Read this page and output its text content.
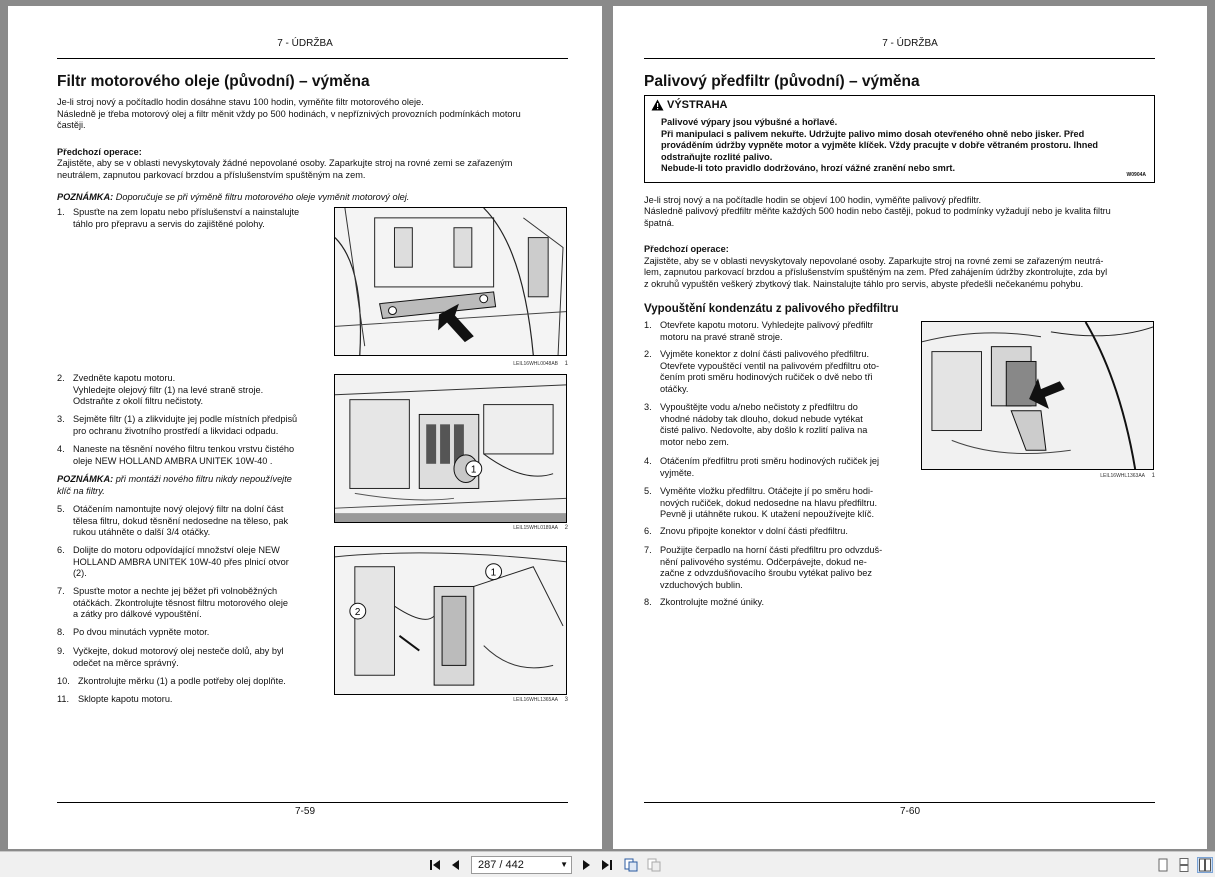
7 - ÚDRŽBA
Filtr motorového oleje (původní) – výměna
Je-li stroj nový a počítadlo hodin dosáhne stavu 100 hodin, vyměňte filtr motorového oleje.
Následně je třeba motorový olej a filtr měnit vždy po 500 hodinách, v nepříznivých provozních podmínkách motoru
častěji.
Předchozí operace:
Zajistěte, aby se v oblasti nevyskytovaly žádné nepovolané osoby. Zaparkujte stroj na rovné zemi se zařazeným
neutrálem, zapnutou parkovací brzdou a příslušenstvím spuštěným na zem.
POZNÁMKA: Doporučuje se při výměně filtru motorového oleje vyměnit motorový olej.
1. Spusťte na zem lopatu nebo příslušenství a nainstalujte
táhlo pro přepravu a servis do zajištěné polohy.
2. Zvedněte kapotu motoru.
Vyhledejte olejový filtr (1) na levé straně stroje.
Odstraňte z okolí filtru nečistoty.
3. Sejměte filtr (1) a zlikvidujte jej podle místních předpisů
pro ochranu životního prostředí a likvidaci odpadu.
4. Naneste na těsnění nového filtru tenkou vrstvu čistého
oleje NEW HOLLAND AMBRA UNITEK 10W-40 .
POZNÁMKA: při montáži nového filtru nikdy nepoužívejte
klíč na filtry.
5. Otáčením namontujte nový olejový filtr na dolní část
tělesa filtru, dokud těsnění nedosedne na těleso, pak
rukou utáhněte o další 3/4 otáčky.
6. Dolijte do motoru odpovídající množství oleje NEW
HOLLAND AMBRA UNITEK 10W-40 přes plnicí otvor
(2).
7. Spusťte motor a nechte jej běžet při volnoběžných
otáčkách. Zkontrolujte těsnost filtru motorového oleje
a zátky pro dálkové vypouštění.
8. Po dvou minutách vypněte motor.
9. Vyčkejte, dokud motorový olej nesteče dolů, aby byl
odečet na měrce správný.
10. Zkontrolujte měrku (1) a podle potřeby olej doplňte.
11. Sklopte kapotu motoru.
LEIL16WHL0048AB	1
1
LEIL15WHL0189AA	2
1
2
LEIL16WHL1365AA	3
7-59
7 - ÚDRŽBA
Palivový předfiltr (původní) – výměna
VÝSTRAHA
Palivové výpary jsou výbušné a hořlavé.
Při manipulaci s palivem nekuřte. Udržujte palivo mimo dosah otevřeného ohně nebo jisker. Před
prováděním údržby vypněte motor a vyjměte klíček. Vždy pracujte v dobře větraném prostoru. Ihned
odstraňujte rozlité palivo.
Nebude-li toto pravidlo dodržováno, hrozí vážné zranění nebo smrt.
W0904A
Je-li stroj nový a na počítadle hodin se objeví 100 hodin, vyměňte palivový předfiltr.
Následně palivový předfiltr měňte každých 500 hodin nebo častěji, pokud to podmínky vyžadují nebo je kvalita filtru
špatná.
Předchozí operace:
Zajistěte, aby se v oblasti nevyskytovaly nepovolané osoby. Zaparkujte stroj na rovné zemi se zařazeným neutrá-
lem, zapnutou parkovací brzdou a příslušenstvím spuštěným na zem. Před zahájením údržby zkontrolujte, zda byl
z okruhů vypuštěn veškerý zbytkový tlak. Nainstalujte táhlo pro servis, abyste předešli nečekanému pohybu.
Vypouštění kondenzátu z palivového předfiltru
1. Otevřete kapotu motoru. Vyhledejte palivový předfiltr
motoru na pravé straně stroje.
2. Vyjměte konektor z dolní části palivového předfiltru.
Otevřete vypouštěcí ventil na palivovém předfiltru oto-
čením proti směru hodinových ručiček o dvě nebo tři
otáčky.
3. Vypouštějte vodu a/nebo nečistoty z předfiltru do
vhodné nádoby tak dlouho, dokud nebude vytékat
čisté palivo. Nedovolte, aby došlo k rozlití paliva na
motor nebo zem.
4. Otáčením předfiltru proti směru hodinových ručiček jej
vyjměte.
5. Vyměňte vložku předfiltru. Otáčejte jí po směru hodi-
nových ručiček, dokud nedosedne na hlavu předfiltru.
Pevně ji utáhněte rukou. K utažení nepoužívejte klíč.
6. Znovu připojte konektor v dolní části předfiltru.
7. Použijte čerpadlo na horní části předfiltru pro odvzduš-
nění palivového systému. Odčerpávejte, dokud ne-
začne z odvzdušňovacího šroubu vytékat palivo bez
vzduchových bublin.
8. Zkontrolujte možné úniky.
LEIL16WHL1363AA	1
7-60
287 / 442	▼
